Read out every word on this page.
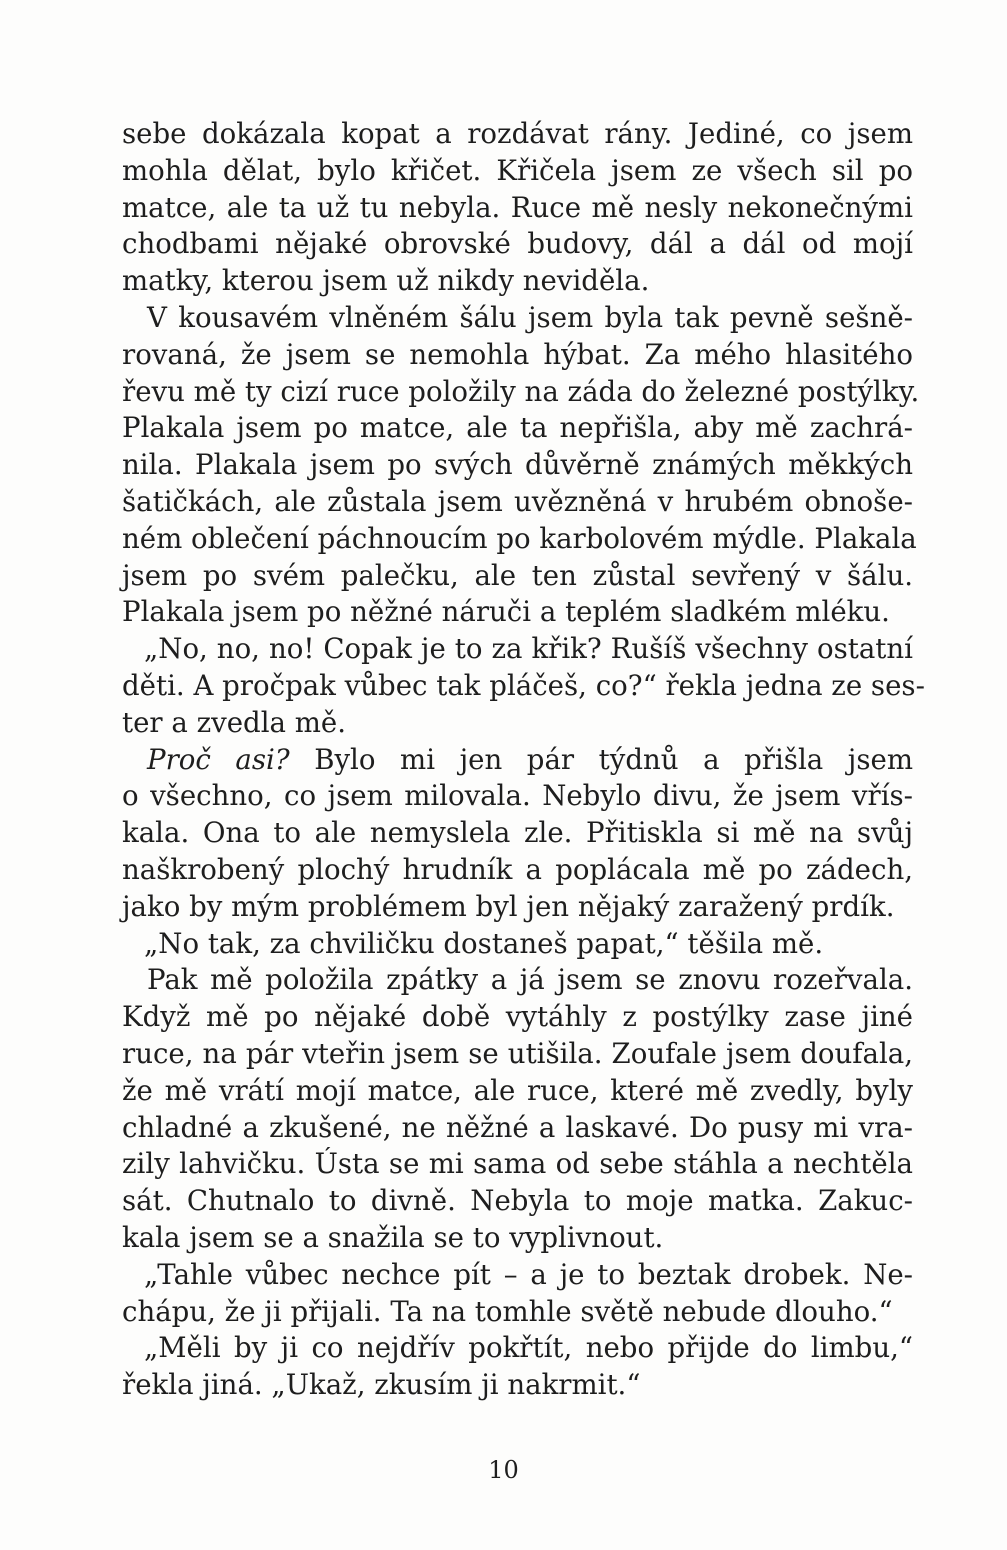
sebe dokázala kopat a rozdávat rány. Jediné, co jsem
mohla dělat, bylo křičet. Křičela jsem ze všech sil po
matce, ale ta už tu nebyla. Ruce mě nesly nekonečnými
chodbami nějaké obrovské budovy, dál a dál od mojí
matky, kterou jsem už nikdy neviděla.
V kousavém vlněném šálu jsem byla tak pevně sešně-
rovaná, že jsem se nemohla hýbat. Za mého hlasitého
řevu mě ty cizí ruce položily na záda do železné postýlky.
Plakala jsem po matce, ale ta nepřišla, aby mě zachrá-
nila. Plakala jsem po svých důvěrně známých měkkých
šatičkách, ale zůstala jsem uvězněná v hrubém obnoše-
ném oblečení páchnoucím po karbolovém mýdle. Plakala
jsem po svém palečku, ale ten zůstal sevřený v šálu.
Plakala jsem po něžné náruči a teplém sladkém mléku.
„No, no, no! Copak je to za křik? Rušíš všechny ostatní
děti. A pročpak vůbec tak pláčeš, co?“ řekla jedna ze ses-
ter a zvedla mě.
Proč asi? Bylo mi jen pár týdnů a přišla jsem
o všechno, co jsem milovala. Nebylo divu, že jsem vřís-
kala. Ona to ale nemyslela zle. Přitiskla si mě na svůj
naškrobený plochý hrudník a poplácala mě po zádech,
jako by mým problémem byl jen nějaký zaražený prdík.
„No tak, za chviličku dostaneš papat,“ těšila mě.
Pak mě položila zpátky a já jsem se znovu rozeřvala.
Když mě po nějaké době vytáhly z postýlky zase jiné
ruce, na pár vteřin jsem se utišila. Zoufale jsem doufala,
že mě vrátí mojí matce, ale ruce, které mě zvedly, byly
chladné a zkušené, ne něžné a laskavé. Do pusy mi vra-
zily lahvičku. Ústa se mi sama od sebe stáhla a nechtěla
sát. Chutnalo to divně. Nebyla to moje matka. Zakuc-
kala jsem se a snažila se to vyplivnout.
„Tahle vůbec nechce pít – a je to beztak drobek. Ne-
chápu, že ji přijali. Ta na tomhle světě nebude dlouho.“
„Měli by ji co nejdřív pokřtít, nebo přijde do limbu,“
řekla jiná. „Ukaž, zkusím ji nakrmit.“
10
